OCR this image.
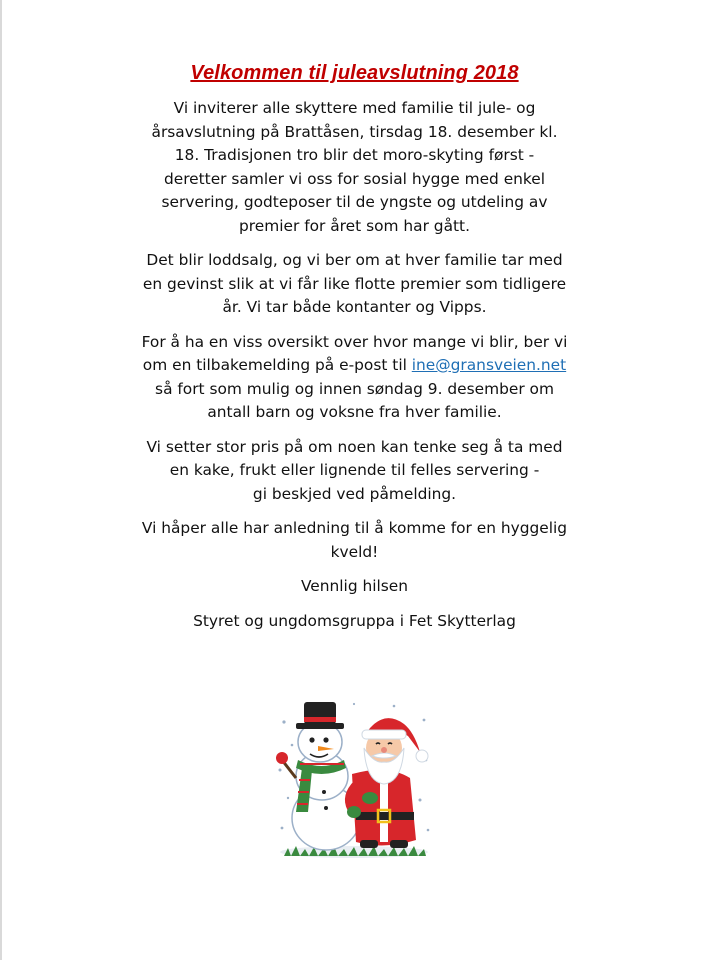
Velkommen til juleavslutning 2018

Vi inviterer alle skyttere med familie til jule- og
årsavslutning på Brattåsen, tirsdag 18. desember kl.
18. Tradisjonen tro blir det moro-skyting først -
deretter samler vi oss for sosial hygge med enkel
servering, godteposer til de yngste og utdeling av
premier for året som har gått.

Det blir loddsalg, og vi ber om at hver familie tar med
en gevinst slik at vi får like flotte premier som tidligere
år. Vi tar både kontanter og Vipps.

For å ha en viss oversikt over hvor mange vi blir, ber vi
om en tilbakemelding på e-post til ine@gransveien.net
så fort som mulig og innen søndag 9. desember om
antall barn og voksne fra hver familie.

Vi setter stor pris på om noen kan tenke seg å ta med
en kake, frukt eller lignende til felles servering -
gi beskjed ved påmelding.

Vi håper alle har anledning til å komme for en hyggelig
kveld!

Vennlig hilsen

Styret og ungdomsgruppa i Fet Skytterlag
